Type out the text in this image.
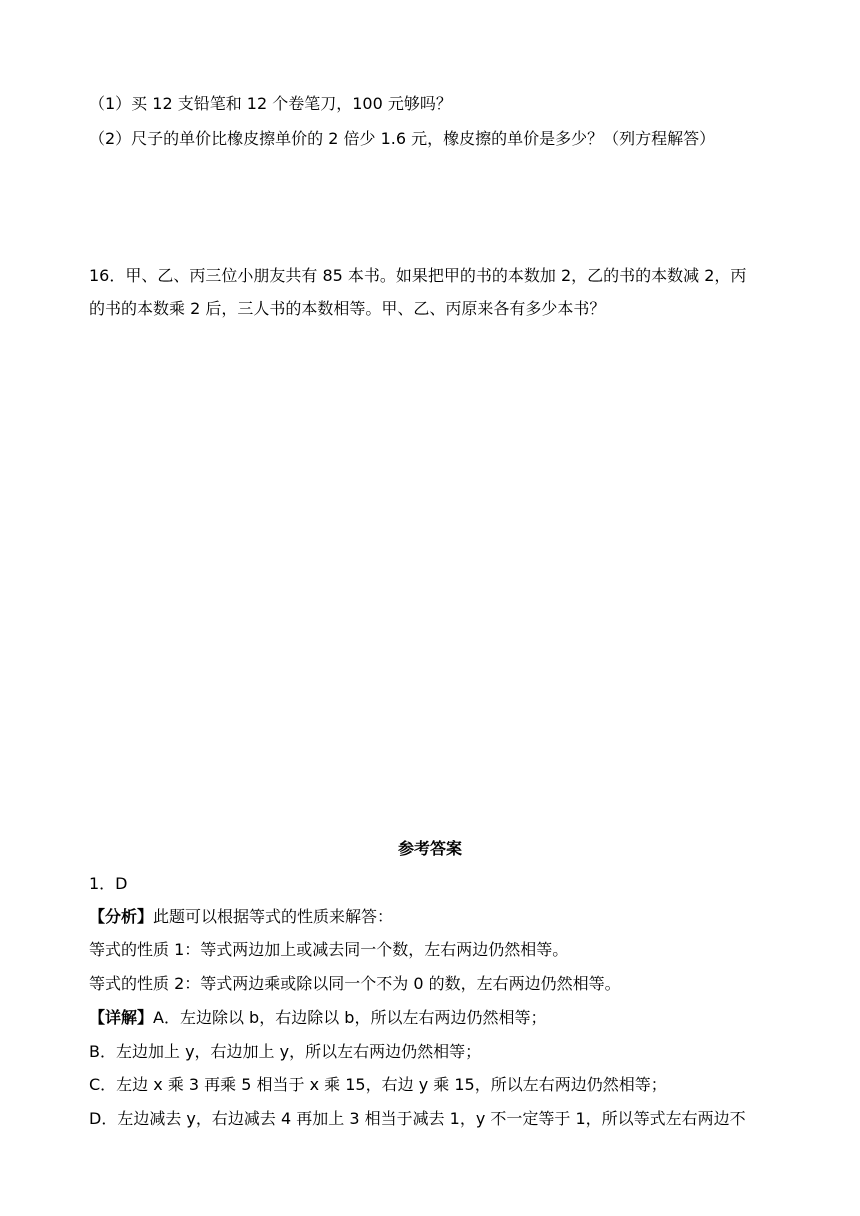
（1）买 12 支铅笔和 12 个卷笔刀，100 元够吗？
（2）尺子的单价比橡皮擦单价的 2 倍少 1.6 元，橡皮擦的单价是多少？（列方程解答）
16．甲、乙、丙三位小朋友共有 85 本书。如果把甲的书的本数加 2，乙的书的本数减 2，丙
的书的本数乘 2 后，三人书的本数相等。甲、乙、丙原来各有多少本书？
参考答案
1．D
【分析】此题可以根据等式的性质来解答：
等式的性质 1：等式两边加上或减去同一个数，左右两边仍然相等。
等式的性质 2：等式两边乘或除以同一个不为 0 的数，左右两边仍然相等。
【详解】A．左边除以 b，右边除以 b，所以左右两边仍然相等；
B．左边加上 y，右边加上 y，所以左右两边仍然相等；
C．左边 x 乘 3 再乘 5 相当于 x 乘 15，右边 y 乘 15，所以左右两边仍然相等；
D．左边减去 y，右边减去 4 再加上 3 相当于减去 1，y 不一定等于 1，所以等式左右两边不
